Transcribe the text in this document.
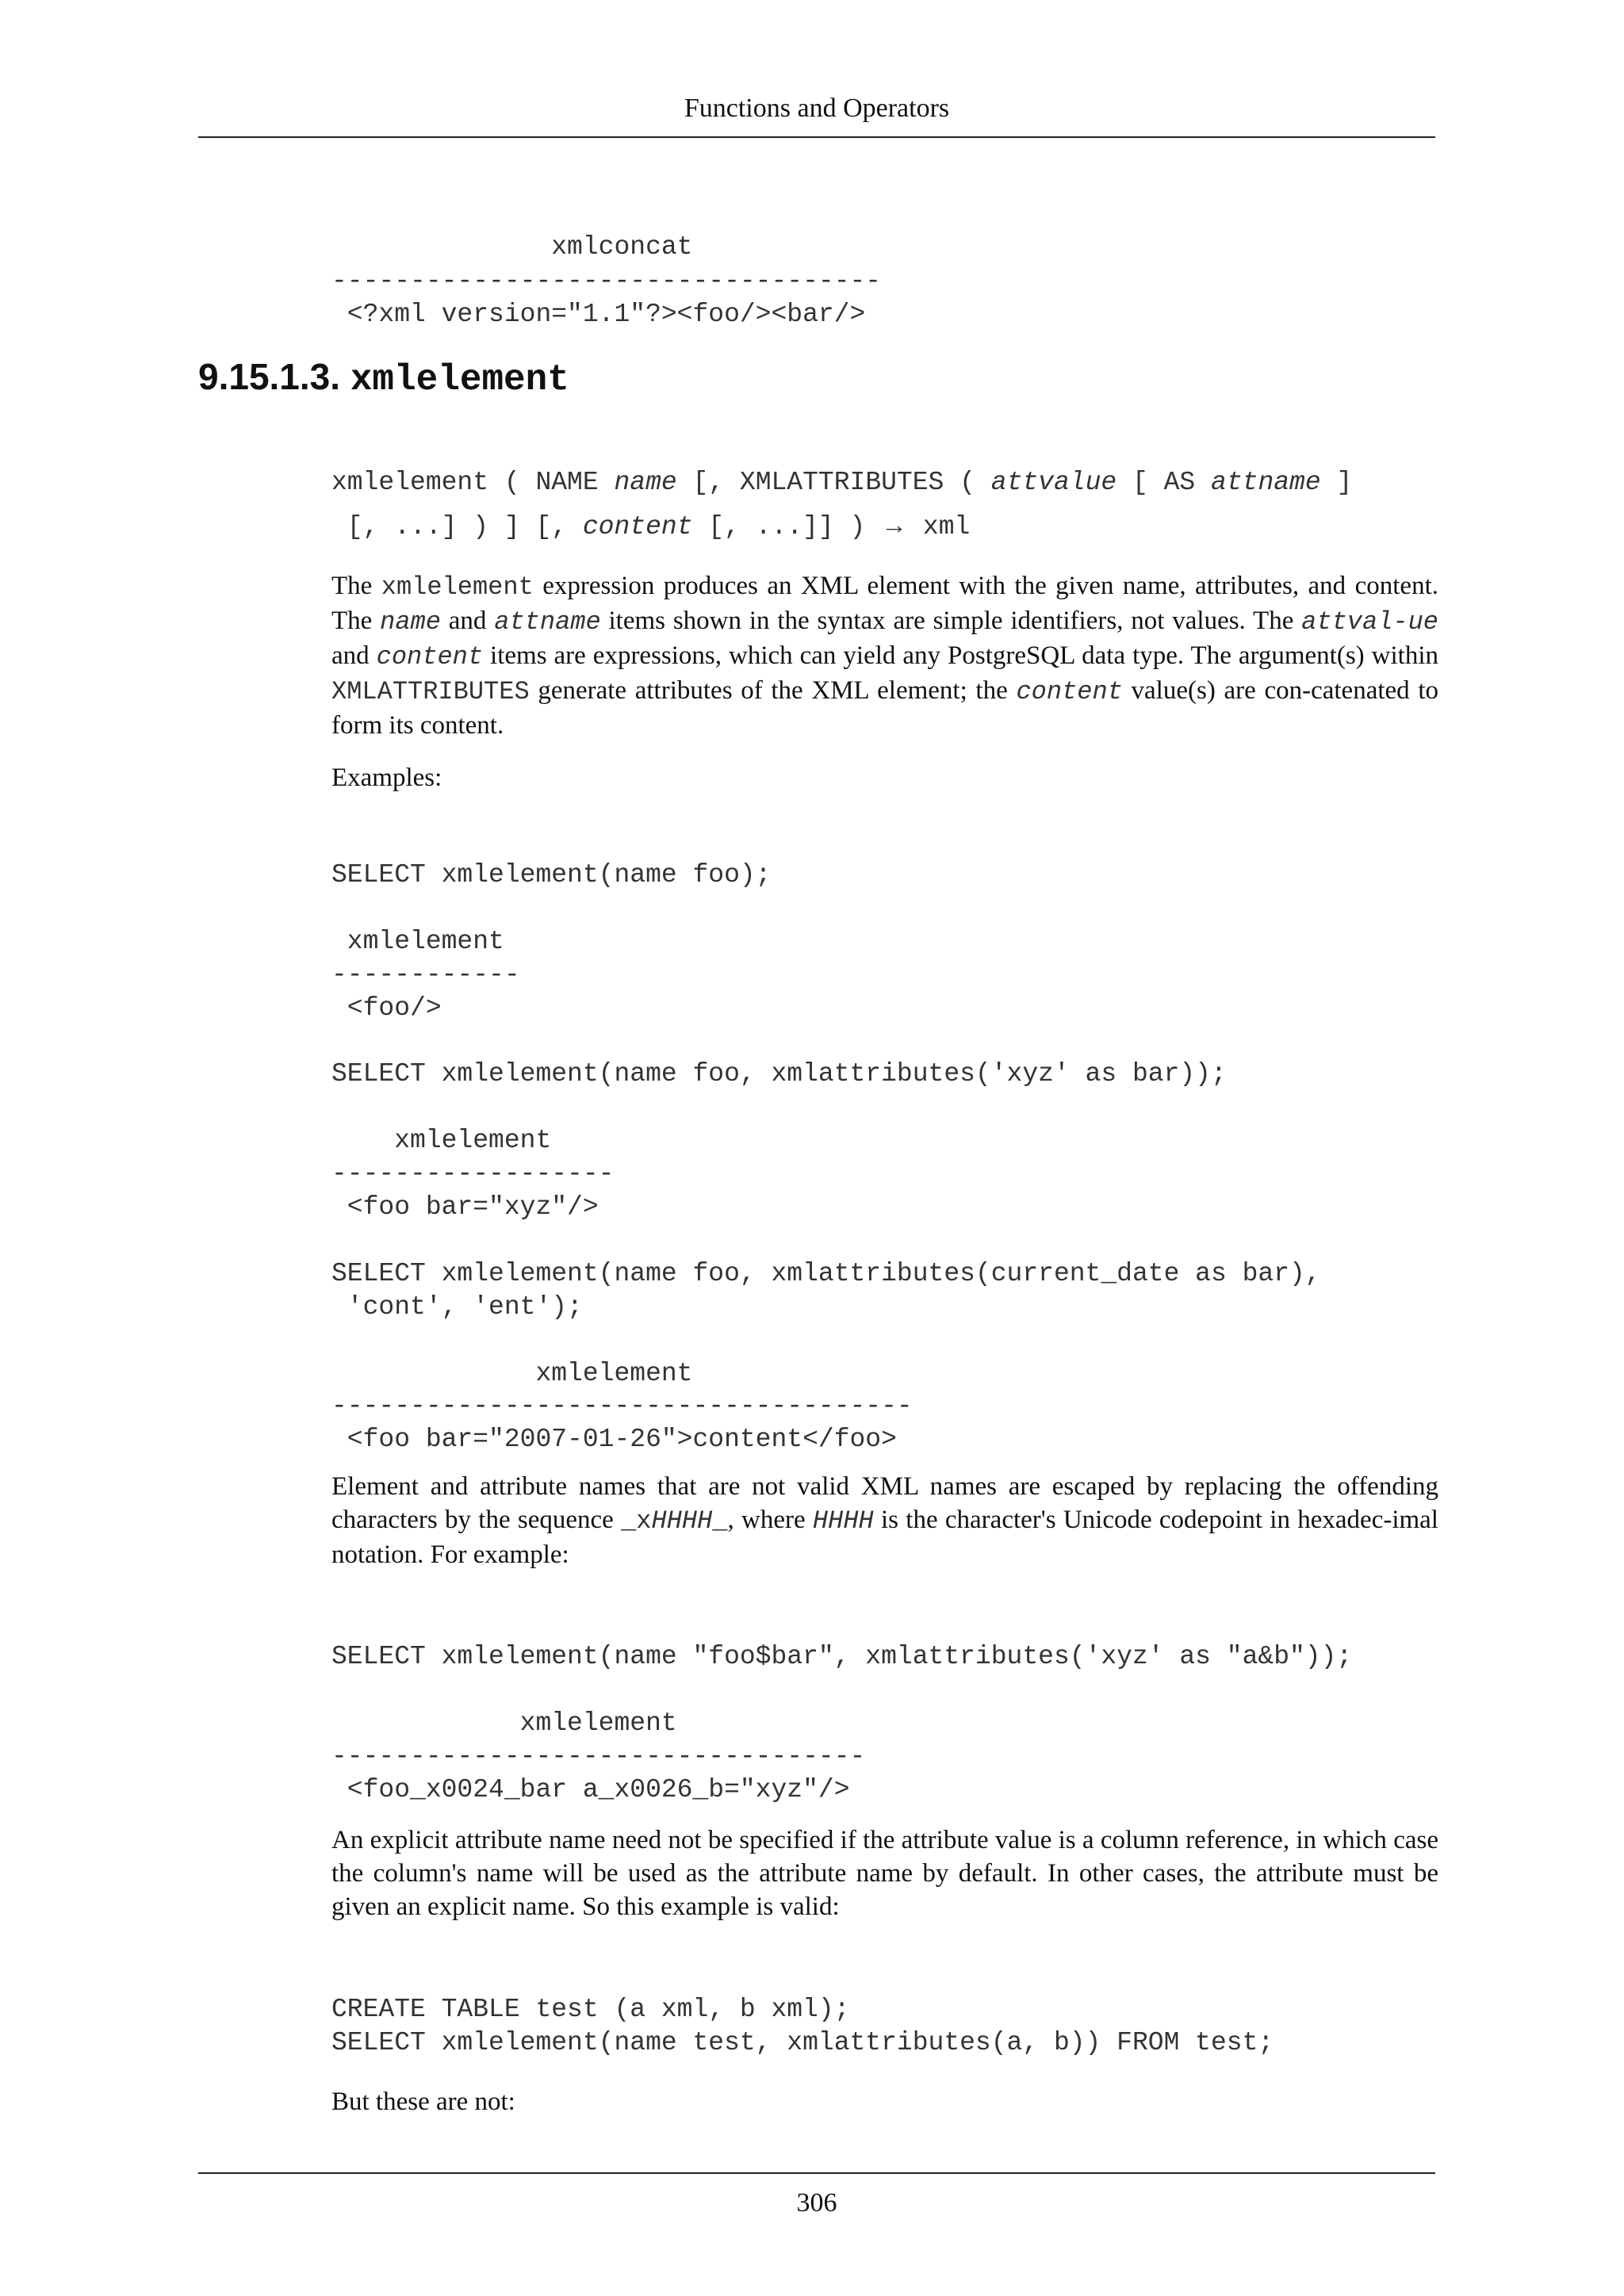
Functions and Operators
xmlconcat
-----------------------------------
<?xml version="1.1"?><foo/><bar/>
9.15.1.3. xmlelement
xmlelement ( NAME name [, XMLATTRIBUTES ( attvalue [ AS attname ]
[, ...] ) ] [, content [, ...]] ) → xml
The xmlelement expression produces an XML element with the given name, attributes, and content. The name and attname items shown in the syntax are simple identifiers, not values. The attval-ue and content items are expressions, which can yield any PostgreSQL data type. The argument(s) within XMLATTRIBUTES generate attributes of the XML element; the content value(s) are con-catenated to form its content.
Examples:
SELECT xmlelement(name foo);
xmlelement
------------
<foo/>
SELECT xmlelement(name foo, xmlattributes('xyz' as bar));
xmlelement
------------------
<foo bar="xyz"/>
SELECT xmlelement(name foo, xmlattributes(current_date as bar),
'cont', 'ent');
xmlelement
-------------------------------------
<foo bar="2007-01-26">content</foo>
Element and attribute names that are not valid XML names are escaped by replacing the offending characters by the sequence _xHHHH_, where HHHH is the character's Unicode codepoint in hexadec-imal notation. For example:
SELECT xmlelement(name "foo$bar", xmlattributes('xyz' as "a&b"));
xmlelement
----------------------------------
<foo_x0024_bar a_x0026_b="xyz"/>
An explicit attribute name need not be specified if the attribute value is a column reference, in which case the column's name will be used as the attribute name by default. In other cases, the attribute must be given an explicit name. So this example is valid:
CREATE TABLE test (a xml, b xml);
SELECT xmlelement(name test, xmlattributes(a, b)) FROM test;
But these are not:
306
